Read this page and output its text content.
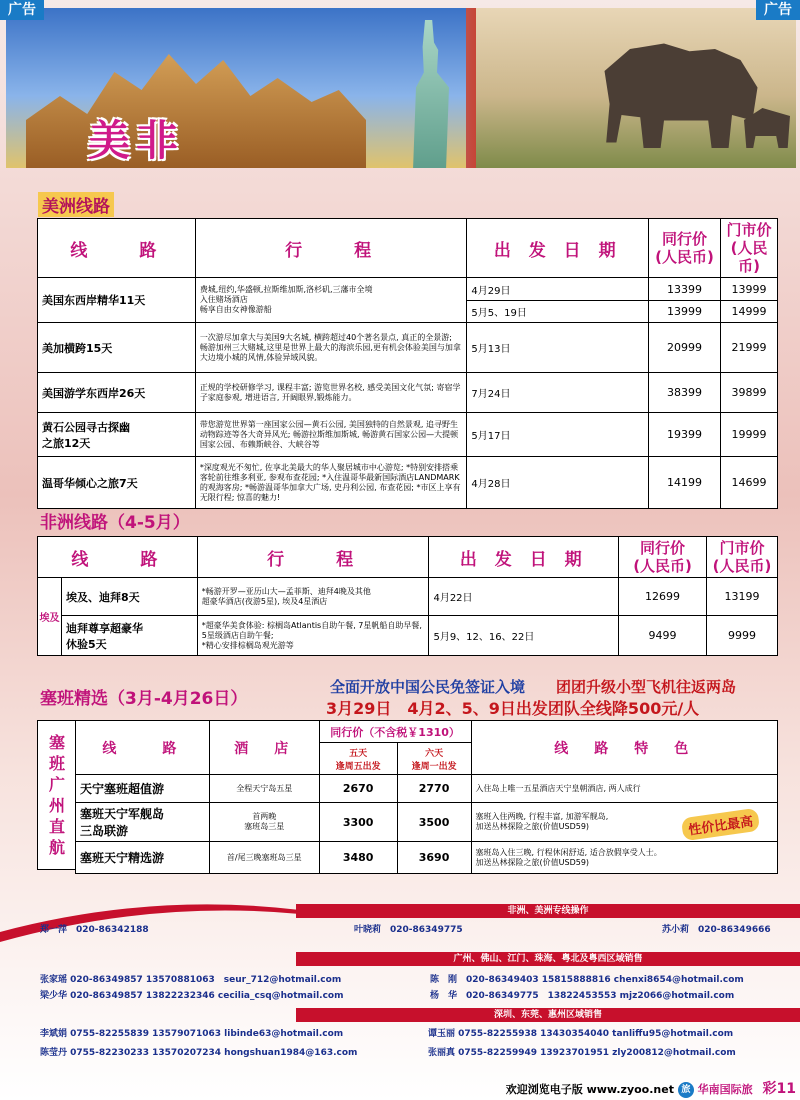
广告	广告
美非
美洲线路
线　　路	行　　程	出 发 日 期	同行价
(人民币)	门市价
(人民币)
美国东西岸精华11天	费城,纽约,华盛顿,拉斯维加斯,洛杉矶,三藩市全境
入住赌场酒店
畅享自由女神像游船	4月29日	13399	13999
		5月5、19日	13999	14999
美加横跨15天	一次游尽加拿大与美国9大名城, 横跨超过40个著名景点, 真正的全景游; 畅游加州三大赌城,这里是世界上最大的海滨乐园,更有机会体验美国与加拿大边境小城的风情,体验异域风貌。	5月13日	20999	21999
美国游学东西岸26天	正规的学校研修学习, 课程丰富; 游览世界名校, 感受美国文化气氛; 寄宿学子家庭参观, 增进语言, 开阔眼界,锻炼能力。	7月24日	38399	39899
黄石公园寻古探幽
之旅12天	带您游览世界第一座国家公园—黄石公园, 美国独特的自然景观, 追寻野生动物踪迹等各大奇异风光; 畅游拉斯维加斯城, 畅游黄石国家公园—大提顿国家公园、布赖斯峡谷、大峡谷等	5月17日	19399	19999
温哥华倾心之旅7天	*深度观光不匆忙, 佐享北美最大的华人聚居城市中心游览; *特别安排搭乘客轮前往维多利亚, 参观布查花园; *入住温哥华最新国际酒店LANDMARK的观海客房; *畅游温哥华加拿大广场, 史丹利公园, 布查花园; *市区上享有无限行程; 惊喜的魅力!	4月28日	14199	14699
非洲线路（4-5月）
线　　路		行　　程	出 发 日 期	同行价
(人民币)	门市价
(人民币)
埃及	埃及、迪拜8天	*畅游开罗—亚历山大—孟菲斯、迪拜4晚及其他
超豪华酒店(夜游5星), 埃及4星酒店	4月22日	12699	13199
	迪拜尊享超豪华
休验5天	*超豪华美食体验: 棕榈岛Atlantis自助午餐, 7星帆船自助早餐, 5星级酒店自助午餐;
*精心安排棕榈岛观光游等	5月9、12、16、22日	9499	9999
塞班精选（3月-4月26日）
全面开放中国公民免签证入境 团团升级小型飞机往返两岛
3月29日　4月2、5、9日出发团队全线降500元/人
塞
班
广
州
直
航
线　　路	酒　店	同行价（不含税￥1310）		线　路　特　色
		五天
逢周五出发	六天
逢周一出发	
天宁塞班超值游	全程天宁岛五星	2670	2770	入住岛上唯一五星酒店天宁皇朝酒店, 两人成行
塞班天宁军舰岛
三岛联游	首两晚
塞班岛三星	3300	3500	塞班入住两晚, 行程丰富, 加游军舰岛,
加送丛林探险之旅(价值USD59)
塞班天宁精选游	首/尾三晚塞班岛三星	3480	3690	塞班岛入住三晚, 行程休闲舒适, 适合放假享受人士。
加送丛林探险之旅(价值USD59)
性价比最高
非洲、美洲专线操作
郑一萍　020-86342188	叶晓莉　020-86349775	苏小莉　020-86349666
广州、佛山、江门、珠海、粤北及粤西区域销售
张家瑶 020-86349857 13570881063　seur_712@hotmail.com	陈　刚　020-86349403 15815888816 chenxi8654@hotmail.com
梁少华 020-86349857 13822232346 cecilia_csq@hotmail.com	杨　华　020-86349775　13822453553 mjz2066@hotmail.com
深圳、东莞、惠州区域销售
李斌娟 0755-82255839 13579071063 libinde63@hotmail.com	谭玉丽 0755-82255938 13430354040 tanliffu95@hotmail.com
陈莹丹 0755-82230233 13570207234 hongshuan1984@163.com	张丽真 0755-82259949 13923701951 zly200812@hotmail.com
欢迎浏览电子版 www.zyoo.net 旅 华南国际旅 彩11
